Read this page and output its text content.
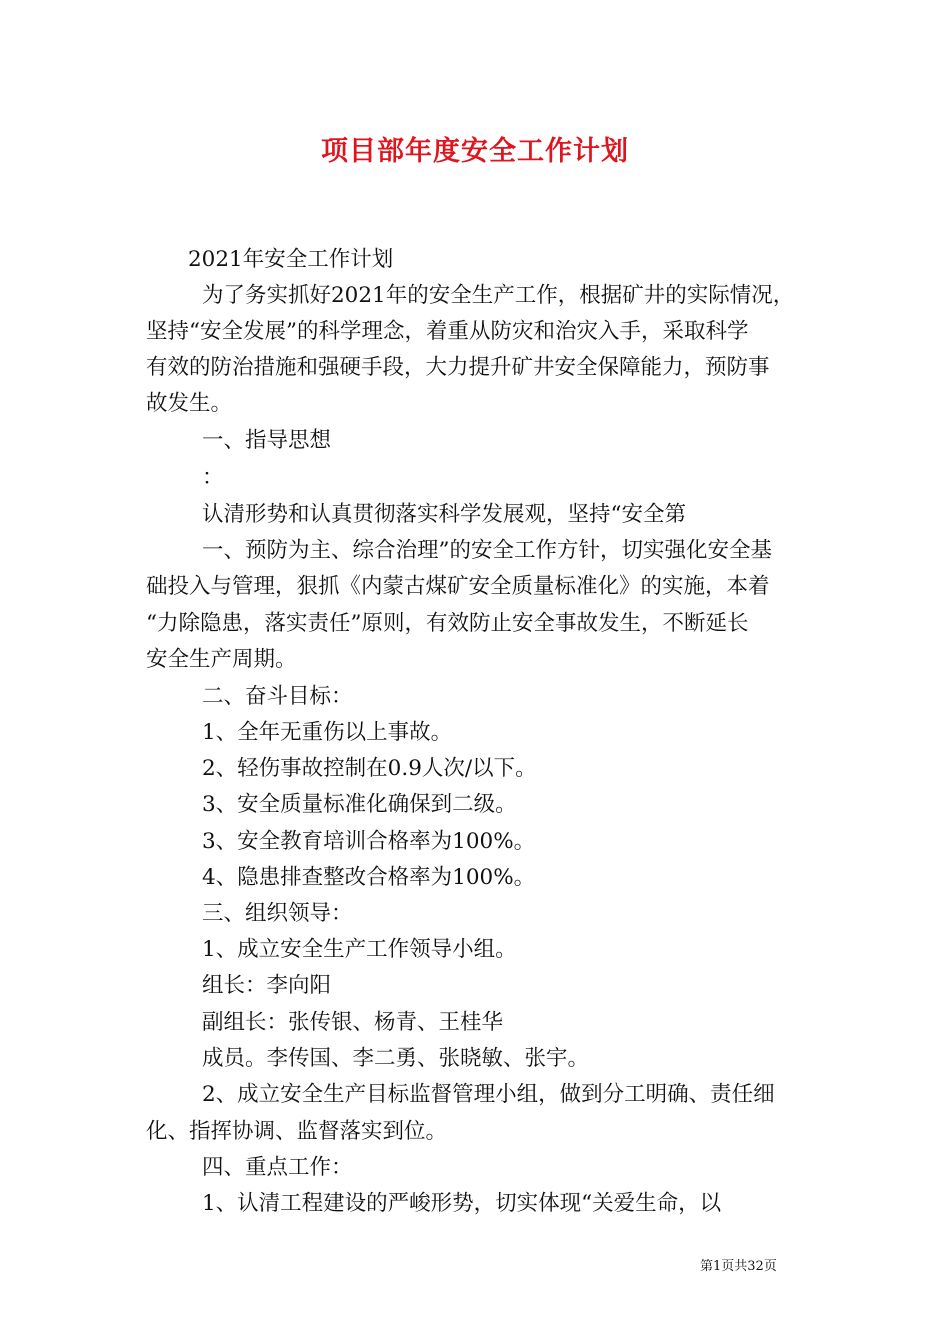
项目部年度安全工作计划
2021年安全工作计划
为了务实抓好2021年的安全生产工作，根据矿井的实际情况，
坚持“安全发展”的科学理念，着重从防灾和治灾入手，采取科学
有效的防治措施和强硬手段，大力提升矿井安全保障能力，预防事
故发生。
一、指导思想
：
认清形势和认真贯彻落实科学发展观，坚持“安全第
一、预防为主、综合治理”的安全工作方针，切实强化安全基
础投入与管理，狠抓《内蒙古煤矿安全质量标准化》的实施，本着
“力除隐患，落实责任”原则，有效防止安全事故发生，不断延长
安全生产周期。
二、奋斗目标：
1、全年无重伤以上事故。
2、轻伤事故控制在0.9人次/以下。
3、安全质量标准化确保到二级。
3、安全教育培训合格率为100%。
4、隐患排查整改合格率为100%。
三、组织领导：
1、成立安全生产工作领导小组。
组长：李向阳
副组长：张传银、杨青、王桂华
成员。李传国、李二勇、张晓敏、张宇。
2、成立安全生产目标监督管理小组，做到分工明确、责任细
化、指挥协调、监督落实到位。
四、重点工作：
1、认清工程建设的严峻形势，切实体现“关爱生命，以
第1页共32页
